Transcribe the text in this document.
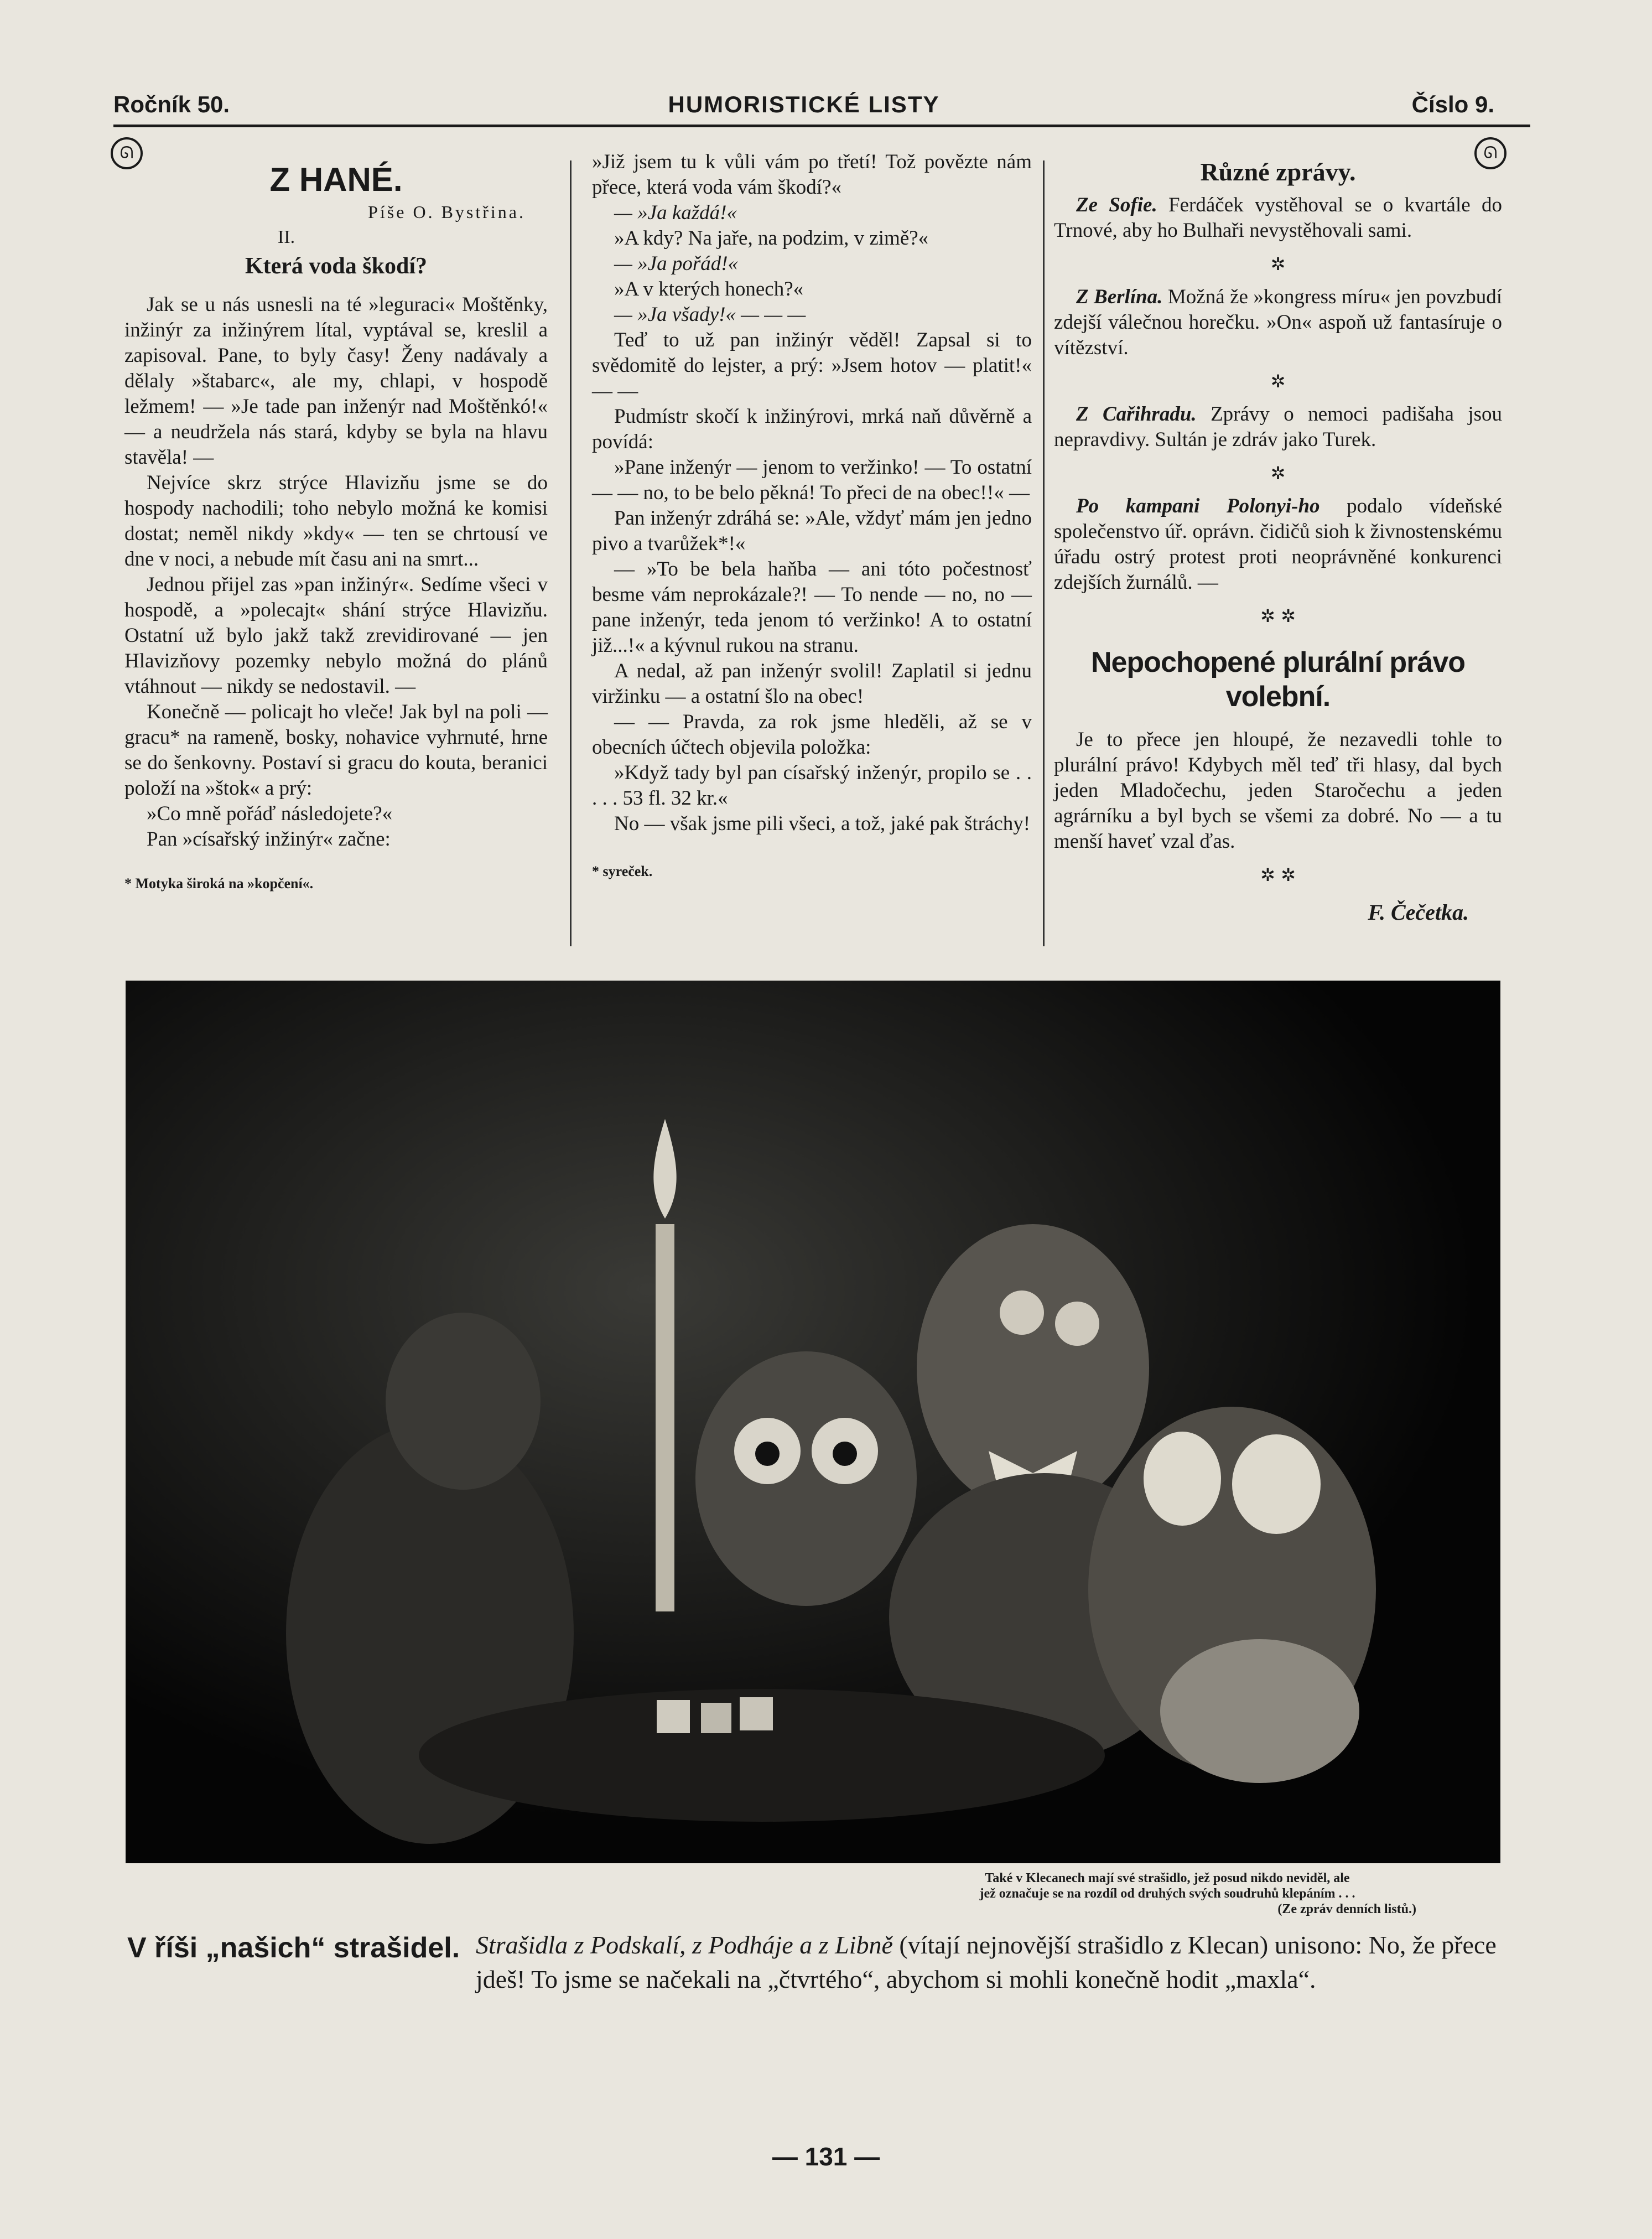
Ročník 50.	HUMORISTICKÉ LISTY	Číslo 9.
ᘏ	ᘏ
Z HANÉ.
Píše O. Bystřina.
II.
Která voda škodí?

Jak se u nás usnesli na té »leguraci« Moštěnky, inžinýr za inžinýrem lítal, vyptával se, kreslil a zapisoval. Pane, to byly časy! Ženy nadávaly a dělaly »štabarc«, ale my, chlapi, v hospodě ležmem! — »Je tade pan inženýr nad Moštěnkó!« — a neudržela nás stará, kdyby se byla na hlavu stavěla! —

Nejvíce skrz strýce Hlavizňu jsme se do hospody nachodili; toho nebylo možná ke komisi dostat; neměl nikdy »kdy« — ten se chrtousí ve dne v noci, a nebude mít času ani na smrt...

Jednou přijel zas »pan inžinýr«. Sedíme všeci v hospodě, a »polecajt« shání strýce Hlavizňu. Ostatní už bylo jakž takž zrevidirované — jen Hlavizňovy pozemky nebylo možná do plánů vtáhnout — nikdy se nedostavil. —

Konečně — policajt ho vleče! Jak byl na poli — gracu* na rameně, bosky, nohavice vyhrnuté, hrne se do šenkovny. Postaví si gracu do kouta, beranici položí na »štok« a prý:

»Co mně pořáď následojete?«

Pan »císařský inžinýr« začne:

* Motyka široká na »kopčení«.

»Již jsem tu k vůli vám po třetí! Tož povězte nám přece, která voda vám škodí?«

— »Ja každá!«

»A kdy? Na jaře, na podzim, v zimě?«

— »Ja pořád!«

»A v kterých honech?«

— »Ja všady!« — — —

Teď to už pan inžinýr věděl! Zapsal si to svědomitě do lejster, a prý: »Jsem hotov — platit!« — —

Pudmístr skočí k inžinýrovi, mrká naň důvěrně a povídá:

»Pane inženýr — jenom to veržinko! — To ostatní — — no, to be belo pěkná! To přeci de na obec!!« —

Pan inženýr zdráhá se: »Ale, vždyť mám jen jedno pivo a tvarůžek*!«

— »To be bela haňba — ani tóto počestnosť besme vám neprokázale?! — To nende — no, no — pane inženýr, teda jenom tó veržinko! A to ostatní již...!« a kývnul rukou na stranu.

A nedal, až pan inženýr svolil! Zaplatil si jednu viržinku — a ostatní šlo na obec!

— — Pravda, za rok jsme hleděli, až se v obecních účtech objevila položka:

»Když tady byl pan císařský inženýr, propilo se . . . . . 53 fl. 32 kr.«

No — však jsme pili všeci, a tož, jaké pak štráchy!

* syreček.
Různé zprávy.

Ze Sofie. Ferdáček vystěhoval se o kvartále do Trnové, aby ho Bulhaři nevystěhovali sami.

✲

Z Berlína. Možná že »kongress míru« jen povzbudí zdejší válečnou horečku. »On« aspoň už fantasíruje o vítězství.

✲

Z Cařihradu. Zprávy o nemoci padišaha jsou nepravdivy. Sultán je zdráv jako Turek.

✲

Po kampani Polonyi-ho podalo vídeňské společenstvo úř. oprávn. čidičů sioh k živnostenskému úřadu ostrý protest proti neoprávněné konkurenci zdejších žurnálů. —

✲ ✲
Nepochopené plurální právo volební.

Je to přece jen hloupé, že nezavedli tohle to plurální právo! Kdybych měl teď tři hlasy, dal bych jeden Mladočechu, jeden Staročechu a jeden agrárníku a byl bych se všemi za dobré. No — a tu menší haveť vzal ďas.

✲ ✲
F. Čečetka.
Také v Klecanech mají své strašidlo, jež posud nikdo neviděl, ale
jež označuje se na rozdíl od druhých svých soudruhů klepáním . . .
(Ze zpráv denních listů.)
V říši „našich“ strašidel. Strašidla z Podskalí, z Podháje a z Libně (vítají nejnovější strašidlo z Klecan) unisono: No, že přece jdeš! To jsme se načekali na „čtvrtého“, abychom si mohli konečně hodit „maxla“.
— 131 —
